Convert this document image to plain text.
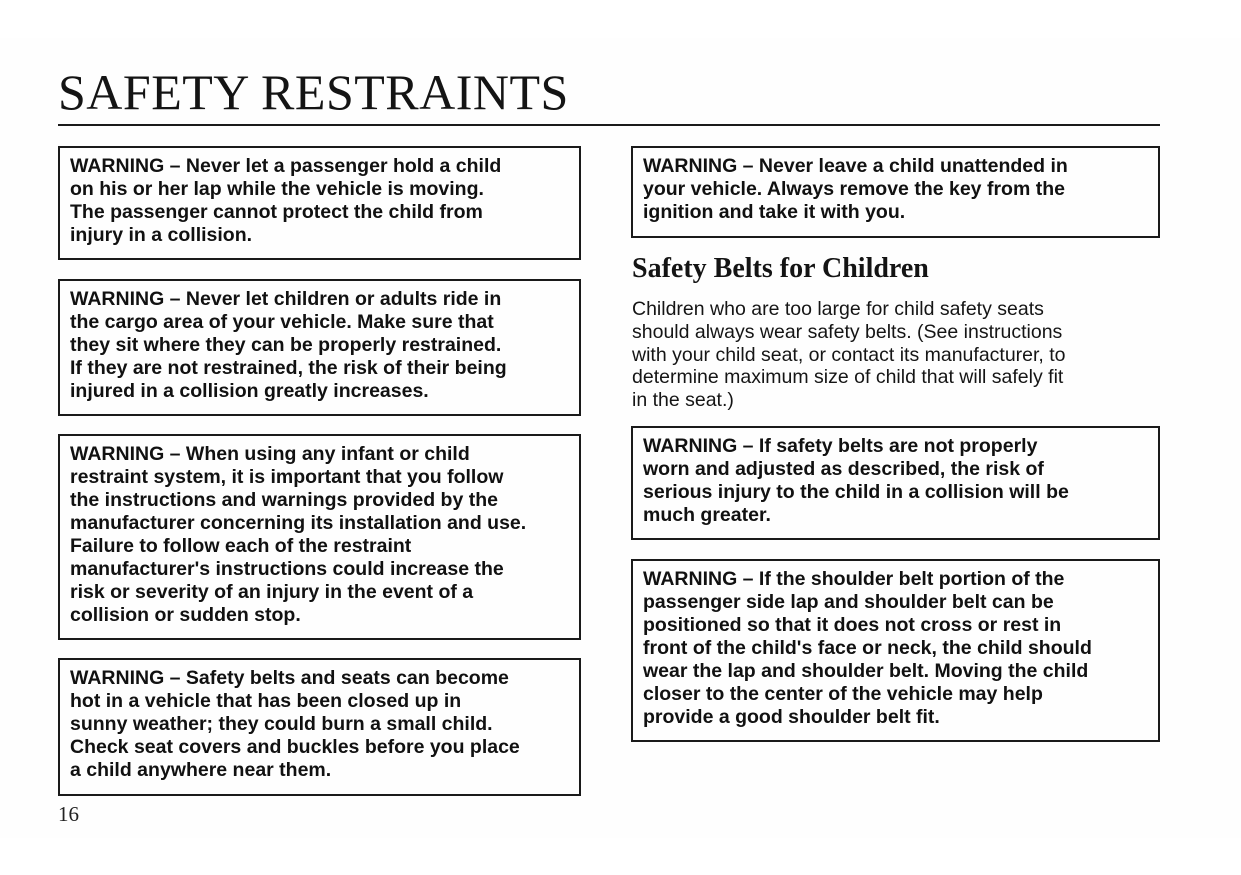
SAFETY RESTRAINTS
WARNING – Never let a passenger hold a child
on his or her lap while the vehicle is moving.
The passenger cannot protect the child from
injury in a collision.
WARNING – Never let children or adults ride in
the cargo area of your vehicle. Make sure that
they sit where they can be properly restrained.
If they are not restrained, the risk of their being
injured in a collision greatly increases.
WARNING – When using any infant or child
restraint system, it is important that you follow
the instructions and warnings provided by the
manufacturer concerning its installation and use.
Failure to follow each of the restraint
manufacturer's instructions could increase the
risk or severity of an injury in the event of a
collision or sudden stop.
WARNING – Safety belts and seats can become
hot in a vehicle that has been closed up in
sunny weather; they could burn a small child.
Check seat covers and buckles before you place
a child anywhere near them.
WARNING – Never leave a child unattended in
your vehicle. Always remove the key from the
ignition and take it with you.
Safety Belts for Children

Children who are too large for child safety seats
should always wear safety belts. (See instructions
with your child seat, or contact its manufacturer, to
determine maximum size of child that will safely fit
in the seat.)

WARNING – If safety belts are not properly
worn and adjusted as described, the risk of
serious injury to the child in a collision will be
much greater.
WARNING – If the shoulder belt portion of the
passenger side lap and shoulder belt can be
positioned so that it does not cross or rest in
front of the child's face or neck, the child should
wear the lap and shoulder belt. Moving the child
closer to the center of the vehicle may help
provide a good shoulder belt fit.
16
